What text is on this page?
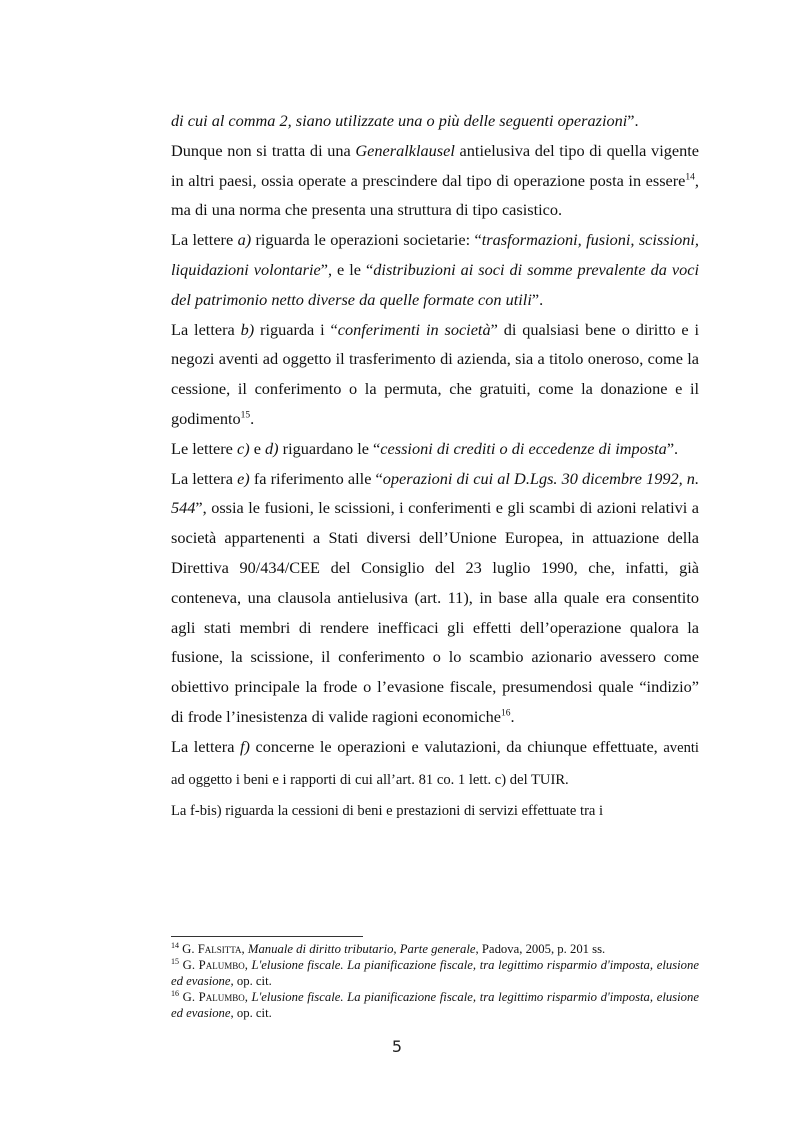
di cui al comma 2, siano utilizzate una o più delle seguenti operazioni”.

Dunque non si tratta di una Generalklausel antielusiva del tipo di quella vigente in altri paesi, ossia operate a prescindere dal tipo di operazione posta in essere$^{14}$, ma di una norma che presenta una struttura di tipo casistico.

La lettere a) riguarda le operazioni societarie: “trasformazioni, fusioni, scissioni, liquidazioni volontarie”, e le “distribuzioni ai soci di somme prevalente da voci del patrimonio netto diverse da quelle formate con utili”.

La lettera b) riguarda i “conferimenti in società” di qualsiasi bene o diritto e i negozi aventi ad oggetto il trasferimento di azienda, sia a titolo oneroso, come la cessione, il conferimento o la permuta, che gratuiti, come la donazione e il godimento$^{15}$.

Le lettere c) e d) riguardano le “cessioni di crediti o di eccedenze di imposta”.

La lettera e) fa riferimento alle “operazioni di cui al D.Lgs. 30 dicembre 1992, n. 544”, ossia le fusioni, le scissioni, i conferimenti e gli scambi di azioni relativi a società appartenenti a Stati diversi dell’Unione Europea, in attuazione della Direttiva 90/434/CEE del Consiglio del 23 luglio 1990, che, infatti, già conteneva, una clausola antielusiva (art. 11), in base alla quale era consentito agli stati membri di rendere inefficaci gli effetti dell’operazione qualora la fusione, la scissione, il conferimento o lo scambio azionario avessero come obiettivo principale la frode o l’evasione fiscale, presumendosi quale “indizio” di frode l’inesistenza di valide ragioni economiche$^{16}$.

La lettera f) concerne le operazioni e valutazioni, da chiunque effettuate, aventi ad oggetto i beni e i rapporti di cui all’art. 81 co. 1 lett. c) del TUIR.

La f-bis) riguarda la cessioni di beni e prestazioni di servizi effettuate tra i

$^{14}$ G. Falsitta, Manuale di diritto tributario, Parte generale, Padova, 2005, p. 201 ss.

$^{15}$ G. Palumbo, L'elusione fiscale. La pianificazione fiscale, tra legittimo risparmio d'imposta, elusione ed evasione, op. cit.

$^{16}$ G. Palumbo, L'elusione fiscale. La pianificazione fiscale, tra legittimo risparmio d'imposta, elusione ed evasione, op. cit.

5
